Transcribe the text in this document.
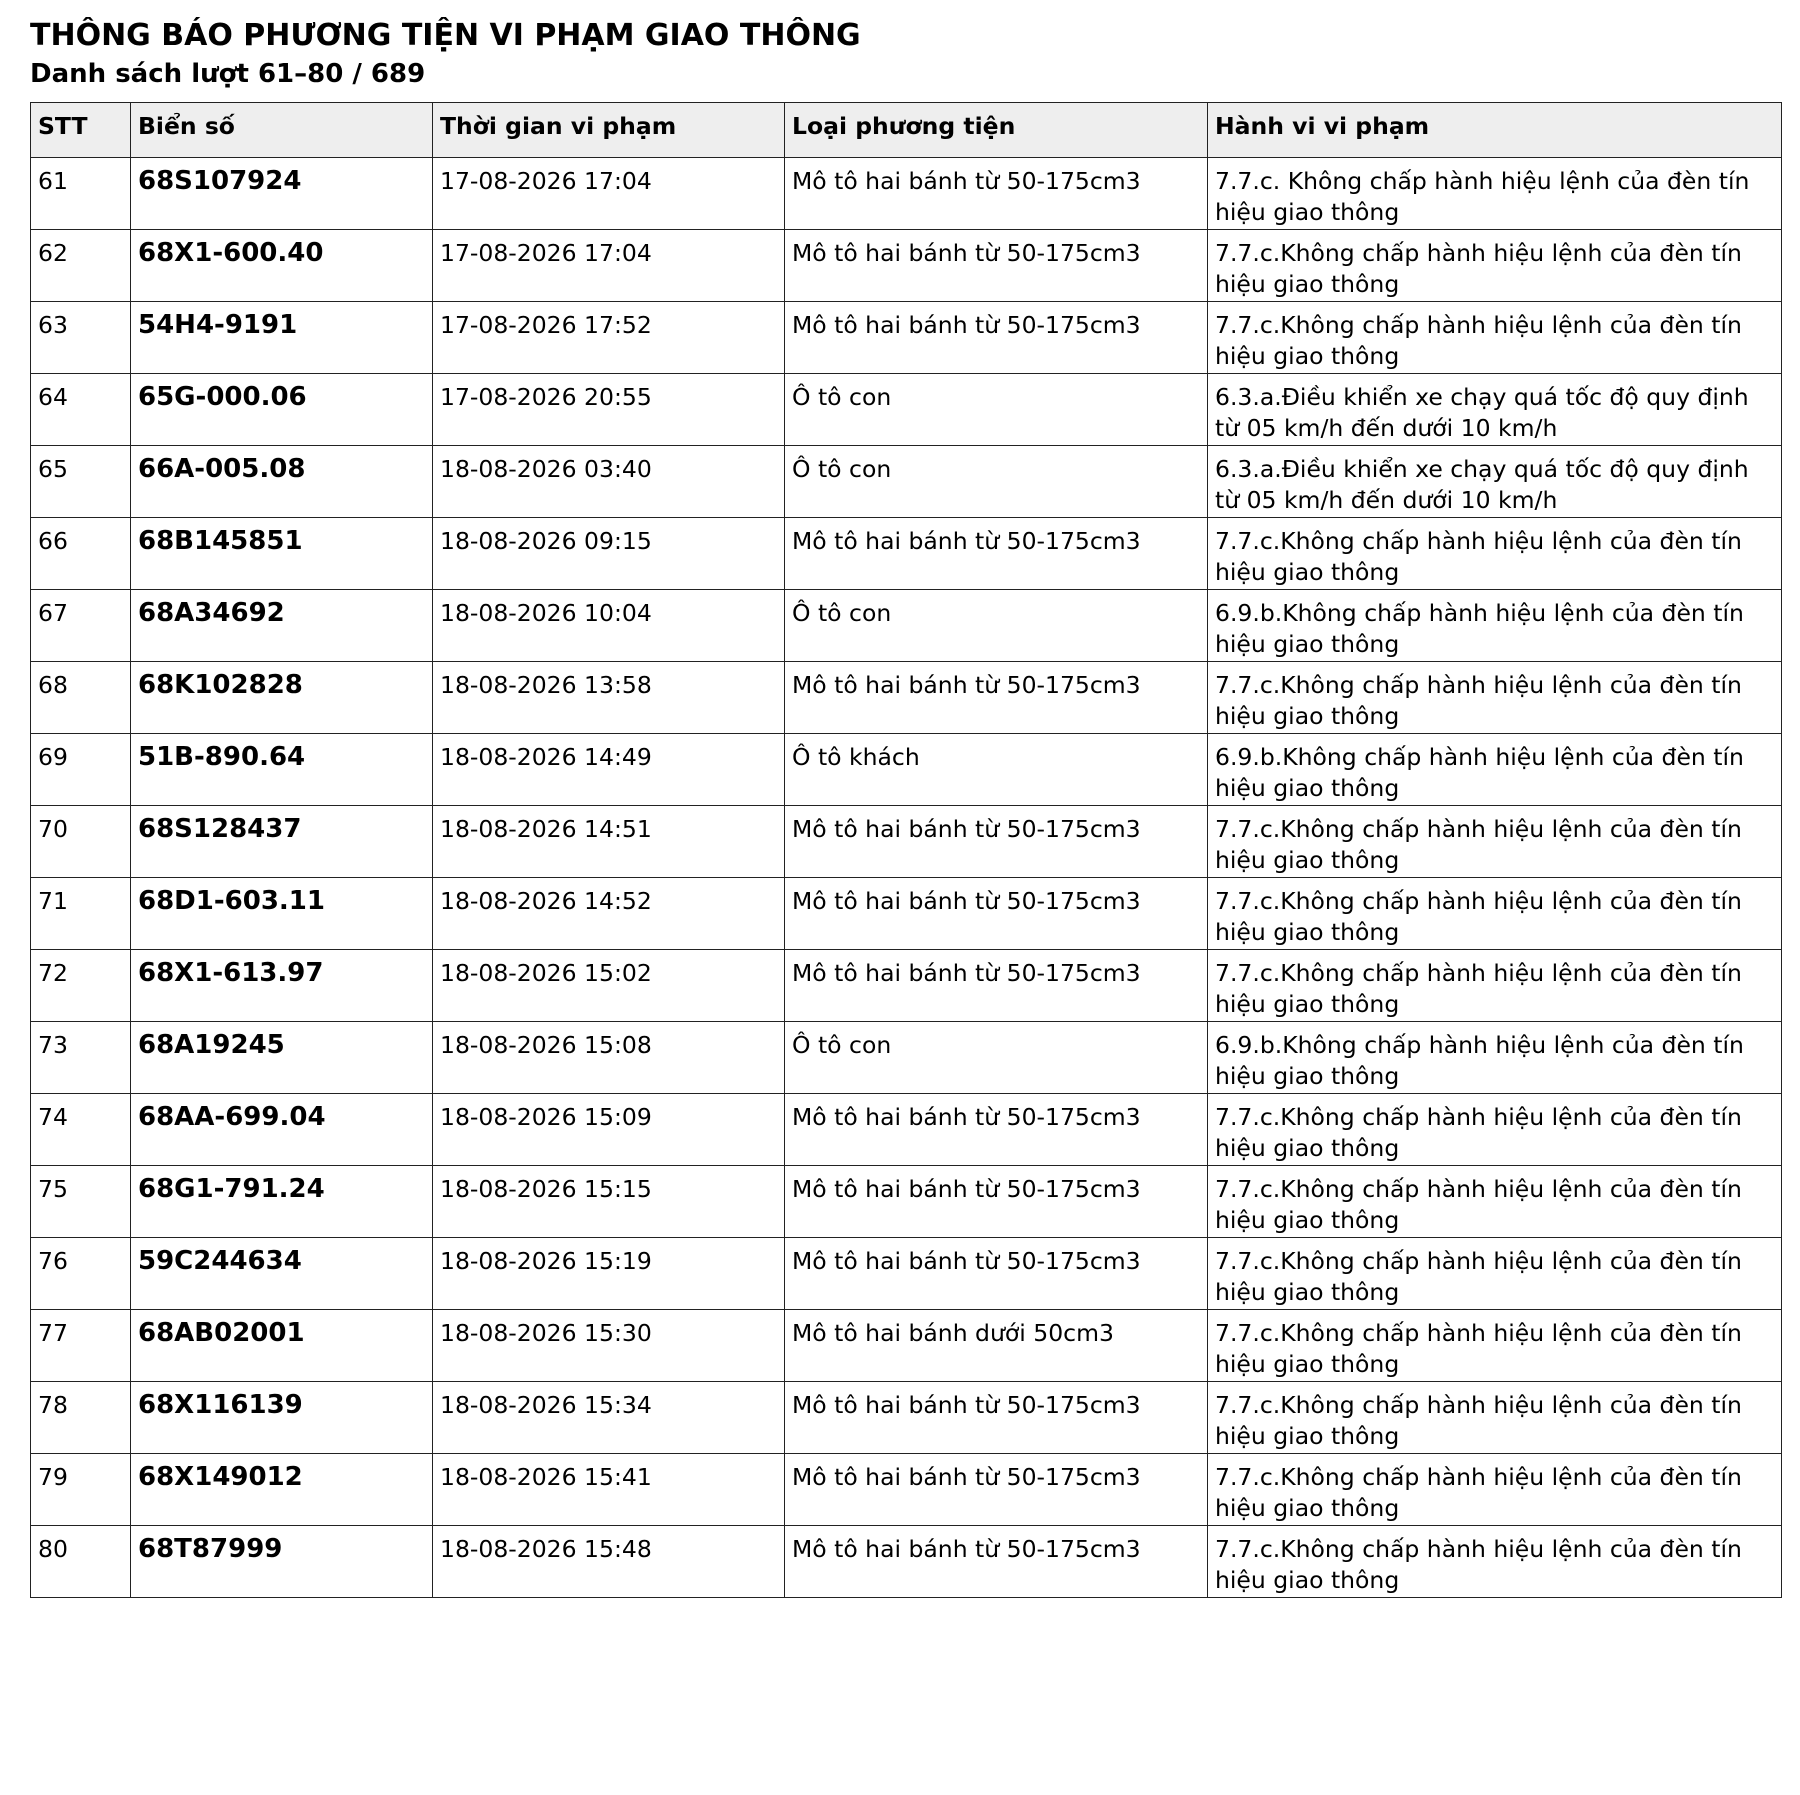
THÔNG BÁO PHƯƠNG TIỆN VI PHẠM GIAO THÔNG
Danh sách lượt 61–80 / 689
STT	Biển số	Thời gian vi phạm	Loại phương tiện	Hành vi vi phạm
61	68S107924	17-08-2026 17:04	Mô tô hai bánh từ 50-175cm3	7.7.c. Không chấp hành hiệu lệnh của đèn tín hiệu giao thông
62	68X1-600.40	17-08-2026 17:04	Mô tô hai bánh từ 50-175cm3	7.7.c.Không chấp hành hiệu lệnh của đèn tín hiệu giao thông
63	54H4-9191	17-08-2026 17:52	Mô tô hai bánh từ 50-175cm3	7.7.c.Không chấp hành hiệu lệnh của đèn tín hiệu giao thông
64	65G-000.06	17-08-2026 20:55	Ô tô con	6.3.a.Điều khiển xe chạy quá tốc độ quy định từ 05 km/h đến dưới 10 km/h
65	66A-005.08	18-08-2026 03:40	Ô tô con	6.3.a.Điều khiển xe chạy quá tốc độ quy định từ 05 km/h đến dưới 10 km/h
66	68B145851	18-08-2026 09:15	Mô tô hai bánh từ 50-175cm3	7.7.c.Không chấp hành hiệu lệnh của đèn tín hiệu giao thông
67	68A34692	18-08-2026 10:04	Ô tô con	6.9.b.Không chấp hành hiệu lệnh của đèn tín hiệu giao thông
68	68K102828	18-08-2026 13:58	Mô tô hai bánh từ 50-175cm3	7.7.c.Không chấp hành hiệu lệnh của đèn tín hiệu giao thông
69	51B-890.64	18-08-2026 14:49	Ô tô khách	6.9.b.Không chấp hành hiệu lệnh của đèn tín hiệu giao thông
70	68S128437	18-08-2026 14:51	Mô tô hai bánh từ 50-175cm3	7.7.c.Không chấp hành hiệu lệnh của đèn tín hiệu giao thông
71	68D1-603.11	18-08-2026 14:52	Mô tô hai bánh từ 50-175cm3	7.7.c.Không chấp hành hiệu lệnh của đèn tín hiệu giao thông
72	68X1-613.97	18-08-2026 15:02	Mô tô hai bánh từ 50-175cm3	7.7.c.Không chấp hành hiệu lệnh của đèn tín hiệu giao thông
73	68A19245	18-08-2026 15:08	Ô tô con	6.9.b.Không chấp hành hiệu lệnh của đèn tín hiệu giao thông
74	68AA-699.04	18-08-2026 15:09	Mô tô hai bánh từ 50-175cm3	7.7.c.Không chấp hành hiệu lệnh của đèn tín hiệu giao thông
75	68G1-791.24	18-08-2026 15:15	Mô tô hai bánh từ 50-175cm3	7.7.c.Không chấp hành hiệu lệnh của đèn tín hiệu giao thông
76	59C244634	18-08-2026 15:19	Mô tô hai bánh từ 50-175cm3	7.7.c.Không chấp hành hiệu lệnh của đèn tín hiệu giao thông
77	68AB02001	18-08-2026 15:30	Mô tô hai bánh dưới 50cm3	7.7.c.Không chấp hành hiệu lệnh của đèn tín hiệu giao thông
78	68X116139	18-08-2026 15:34	Mô tô hai bánh từ 50-175cm3	7.7.c.Không chấp hành hiệu lệnh của đèn tín hiệu giao thông
79	68X149012	18-08-2026 15:41	Mô tô hai bánh từ 50-175cm3	7.7.c.Không chấp hành hiệu lệnh của đèn tín hiệu giao thông
80	68T87999	18-08-2026 15:48	Mô tô hai bánh từ 50-175cm3	7.7.c.Không chấp hành hiệu lệnh của đèn tín hiệu giao thông
